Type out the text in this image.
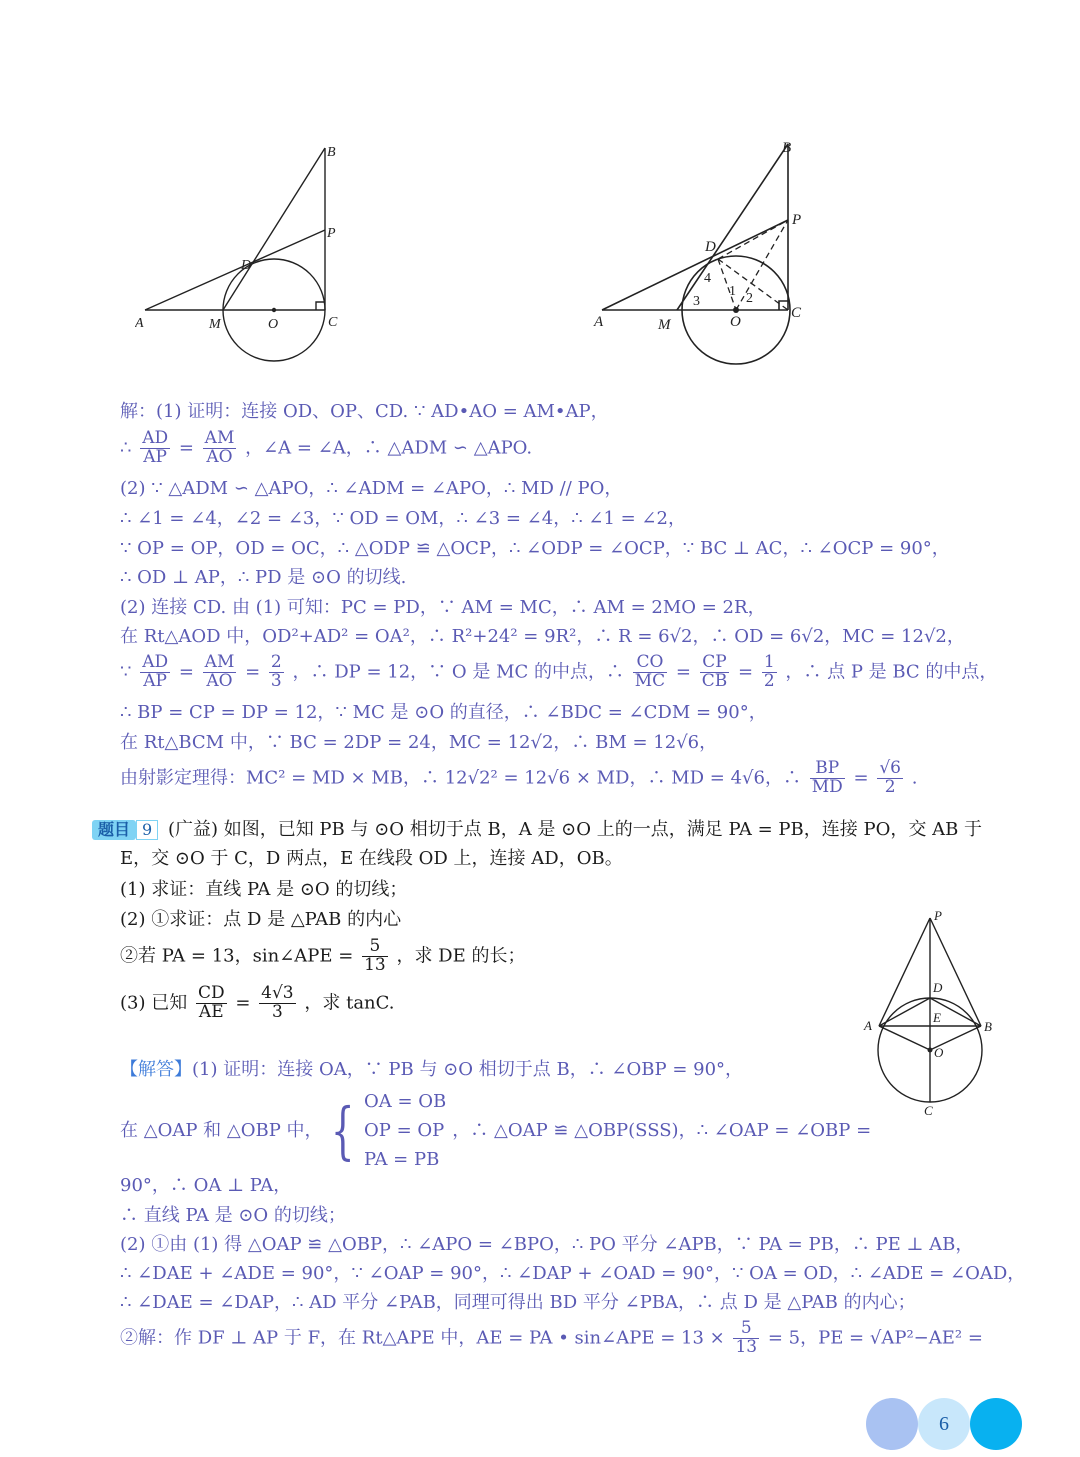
A	M	O	C
D
P
B
A	M	O
C
D
P
B
1 2
3
4
P
A	B
D
E
O
C
解：(1) 证明：连接 OD、OP、CD. ∵ AD•AO = AM•AP，
∴ $\frac{AD}{AP} = \frac{AM}{AO}$ ，∠A = ∠A，∴ △ADM ∽ △APO.
(2) ∵ △ADM ∽ △APO，∴ ∠ADM = ∠APO，∴ MD // PO，
∴ ∠1 = ∠4，∠2 = ∠3，∵ OD = OM，∴ ∠3 = ∠4，∴ ∠1 = ∠2，
∵ OP = OP，OD = OC，∴ △ODP ≌ △OCP，∴ ∠ODP = ∠OCP，∵ BC ⊥ AC，∴ ∠OCP = 90°，
∴ OD ⊥ AP，∴ PD 是 ⊙O 的切线.
(2) 连接 CD. 由 (1) 可知：PC = PD，∵ AM = MC，∴ AM = 2MO = 2R，
在 Rt△AOD 中，OD²+AD² = OA²，∴ R²+24² = 9R²，∴ R = 6√2，∴ OD = 6√2，MC = 12√2，
∵ $\frac{AD}{AP} = \frac{AM}{AO} = \frac{2}{3}$ ，∴ DP = 12，∵ O 是 MC 的中点，∴ $\frac{CO}{MC} = \frac{CP}{CB} = \frac{1}{2}$ ，∴ 点 P 是 BC 的中点，
∴ BP = CP = DP = 12，∵ MC 是 ⊙O 的直径，∴ ∠BDC = ∠CDM = 90°，
在 Rt△BCM 中，∵ BC = 2DP = 24，MC = 12√2，∴ BM = 12√6，
由射影定理得：MC² = MD × MB，∴ 12√2² = 12√6 × MD，∴ MD = 4√6，∴ $\frac{BP}{MD} = \frac{√6}{2}$ .
题目 9 (广益) 如图，已知 PB 与 ⊙O 相切于点 B，A 是 ⊙O 上的一点，满足 PA = PB，连接 PO，交 AB 于
E，交 ⊙O 于 C，D 两点，E 在线段 OD 上，连接 AD，OB。
(1) 求证：直线 PA 是 ⊙O 的切线；
(2) ①求证：点 D 是 △PAB 的内心
②若 PA = 13，sin∠APE = $\frac{5}{13}$ ，求 DE 的长；
(3) 已知 $\frac{CD}{AE} = \frac{4√3}{3}$ ，求 tanC.
【解答】(1) 证明：连接 OA，∵ PB 与 ⊙O 相切于点 B，∴ ∠OBP = 90°，
在 △OAP 和 △OBP 中， { OA = OB
OP = OP
PA = PB
，∴ △OAP ≌ △OBP(SSS)，∴ ∠OAP = ∠OBP =
90°，∴ OA ⊥ PA，
∴ 直线 PA 是 ⊙O 的切线；
(2) ①由 (1) 得 △OAP ≌ △OBP，∴ ∠APO = ∠BPO，∴ PO 平分 ∠APB，∵ PA = PB，∴ PE ⊥ AB，
∴ ∠DAE + ∠ADE = 90°，∵ ∠OAP = 90°，∴ ∠DAP + ∠OAD = 90°，∵ OA = OD，∴ ∠ADE = ∠OAD，
∴ ∠DAE = ∠DAP，∴ AD 平分 ∠PAB，同理可得出 BD 平分 ∠PBA，∴ 点 D 是 △PAB 的内心；
②解：作 DF ⊥ AP 于 F，在 Rt△APE 中，AE = PA • sin∠APE = $13 \times \frac{5}{13} = 5$，PE = √AP²−AE² =
6
